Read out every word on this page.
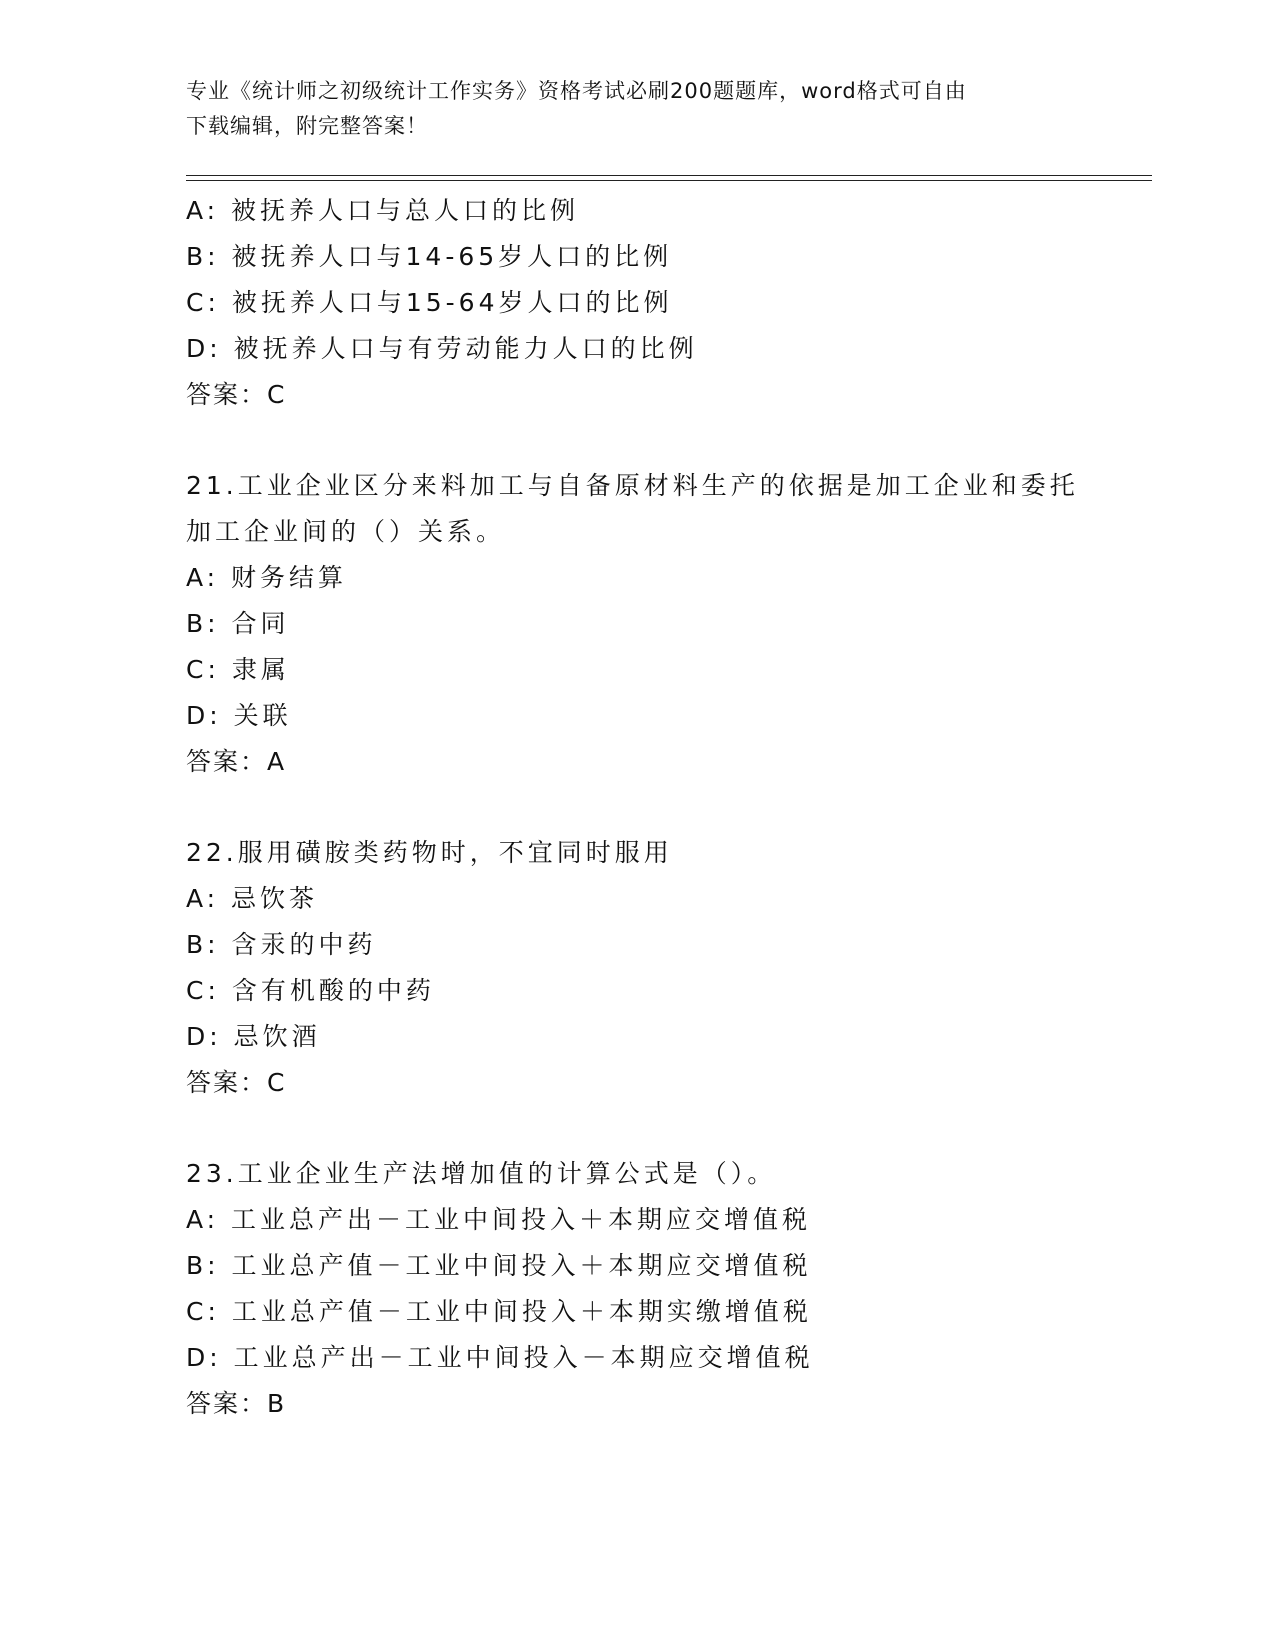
专业《统计师之初级统计工作实务》资格考试必刷200题题库，word格式可自由
下载编辑，附完整答案！
A: 被抚养人口与总人口的比例
B: 被抚养人口与14-65岁人口的比例
C: 被抚养人口与15-64岁人口的比例
D: 被抚养人口与有劳动能力人口的比例
答案：C
21.工业企业区分来料加工与自备原材料生产的依据是加工企业和委托
加工企业间的（）关系。
A: 财务结算
B: 合同
C: 隶属
D: 关联
答案：A
22.服用磺胺类药物时，不宜同时服用
A: 忌饮茶
B: 含汞的中药
C: 含有机酸的中药
D: 忌饮酒
答案：C
23.工业企业生产法增加值的计算公式是（）。
A: 工业总产出－工业中间投入＋本期应交增值税
B: 工业总产值－工业中间投入＋本期应交增值税
C: 工业总产值－工业中间投入＋本期实缴增值税
D: 工业总产出－工业中间投入－本期应交增值税
答案：B
